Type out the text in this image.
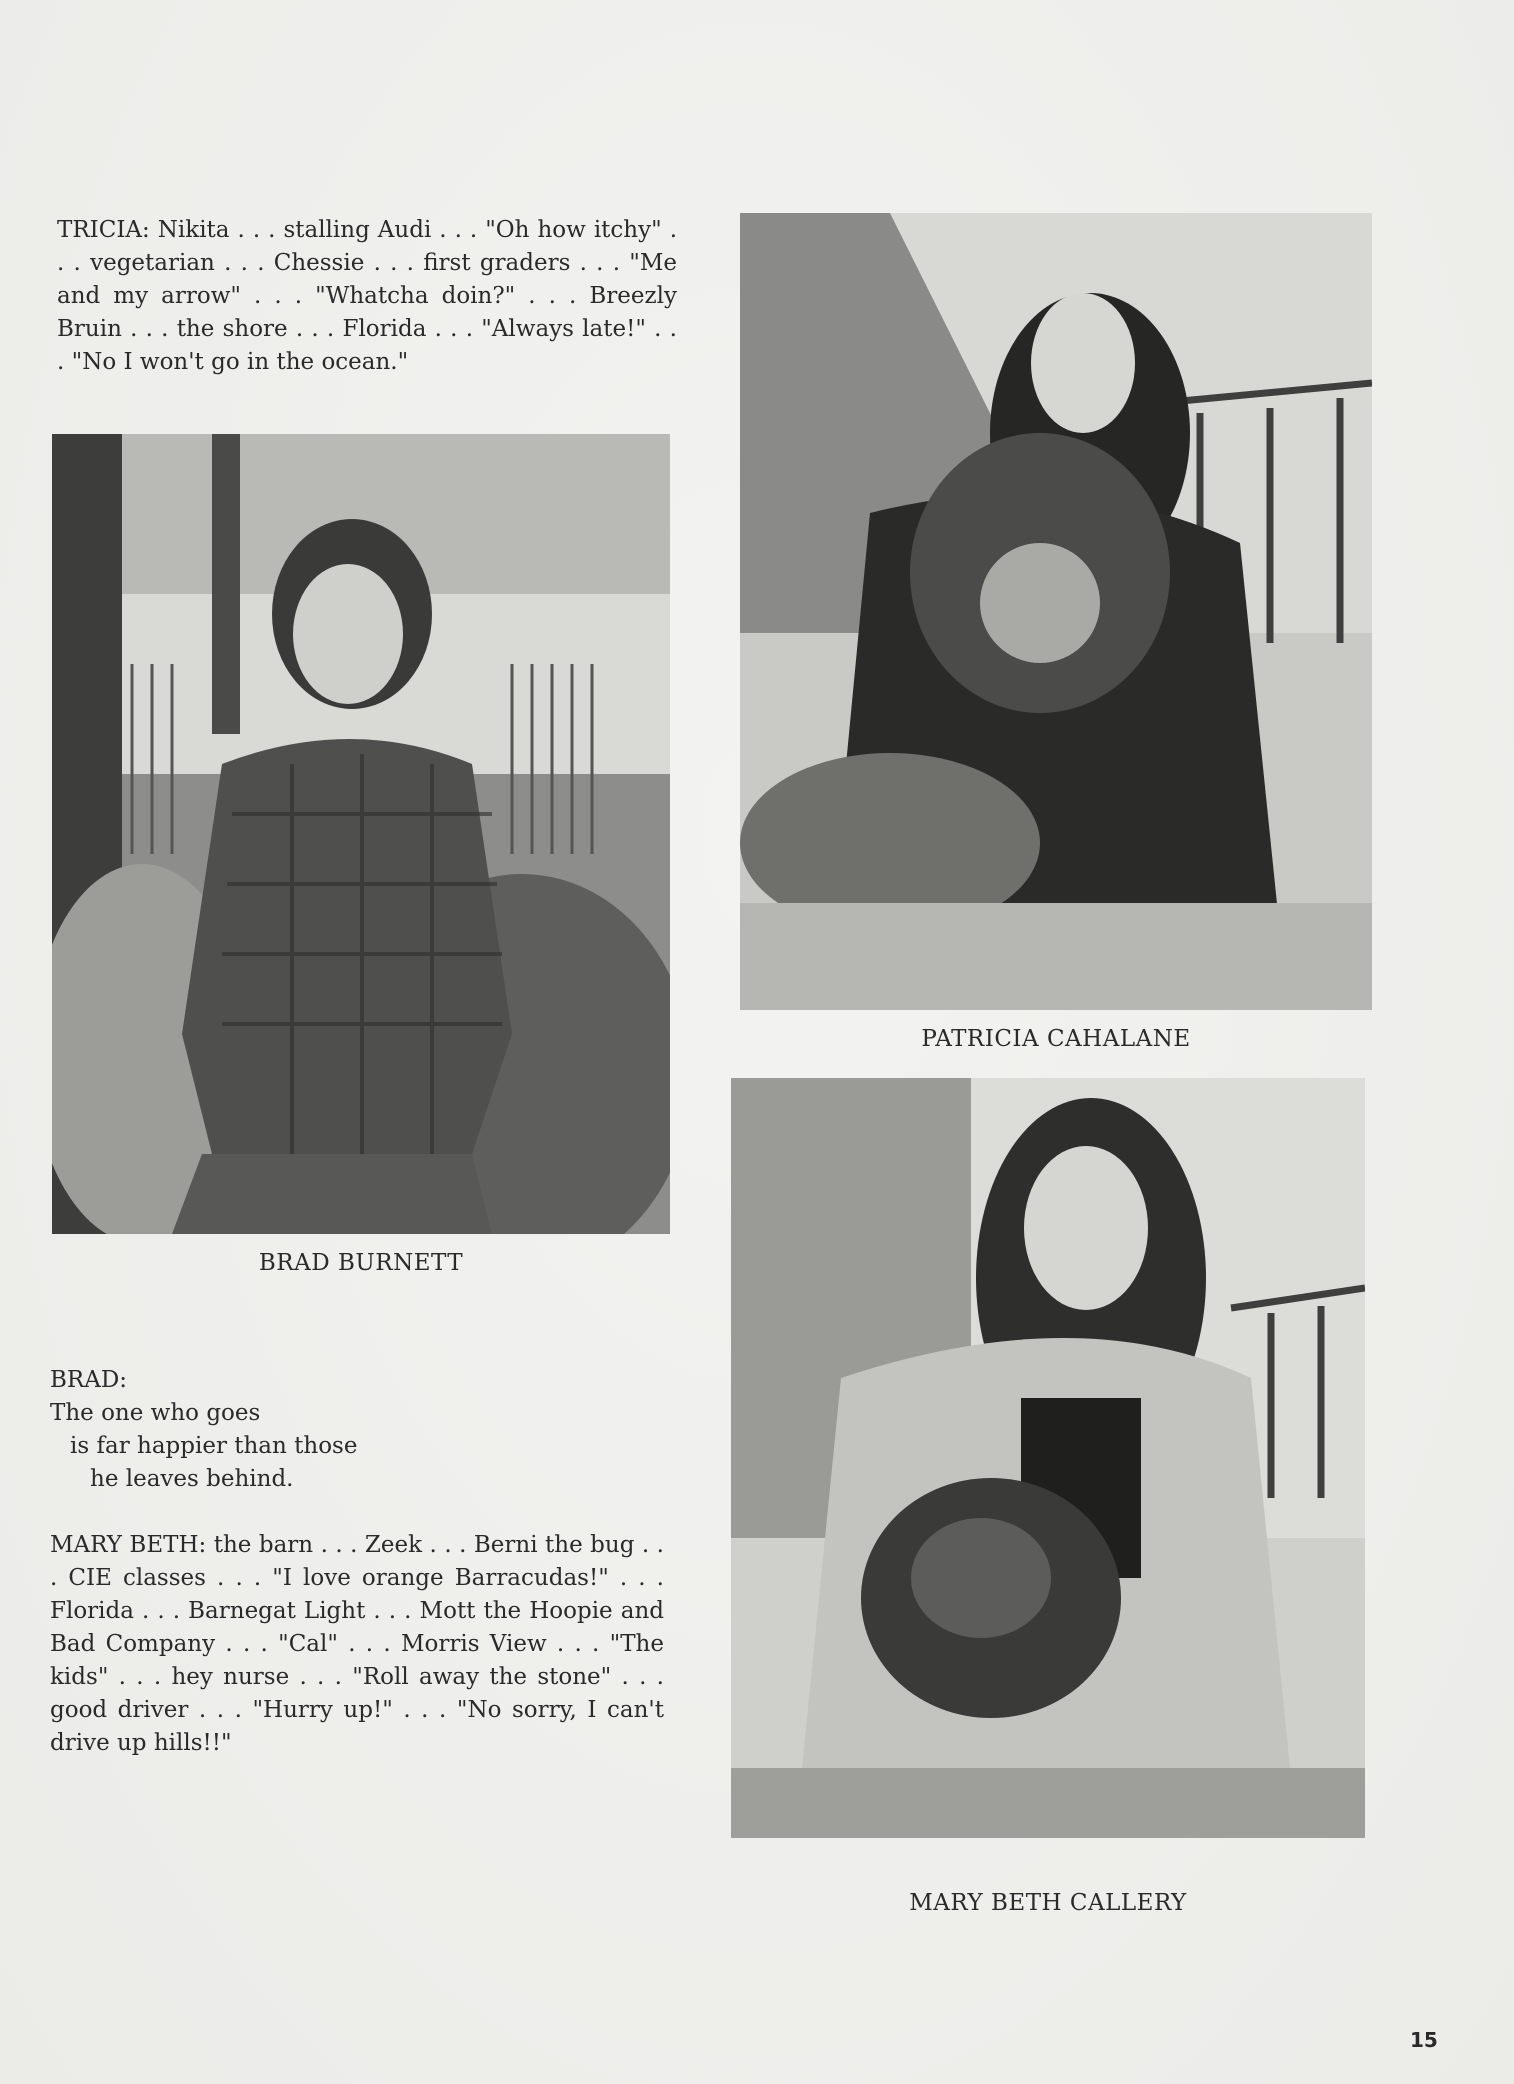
TRICIA: Nikita . . . stalling Audi . . . "Oh how itchy" . . . vegetarian . . . Chessie . . . first graders . . . "Me and my arrow" . . . "Whatcha doin?" . . . Breezly Bruin . . . the shore . . . Florida . . . "Always late!" . . . "No I won't go in the ocean."

BRAD BURNETT
PATRICIA CAHALANE
BRAD:
The one who goes
is far happier than those
he leaves behind.

MARY BETH: the barn . . . Zeek . . . Berni the bug . . . CIE classes . . . "I love orange Barracudas!" . . . Florida . . . Barnegat Light . . . Mott the Hoopie and Bad Company . . . "Cal" . . . Morris View . . . "The kids" . . . hey nurse . . . "Roll away the stone" . . . good driver . . . "Hurry up!" . . . "No sorry, I can't drive up hills!!"

MARY BETH CALLERY
15
